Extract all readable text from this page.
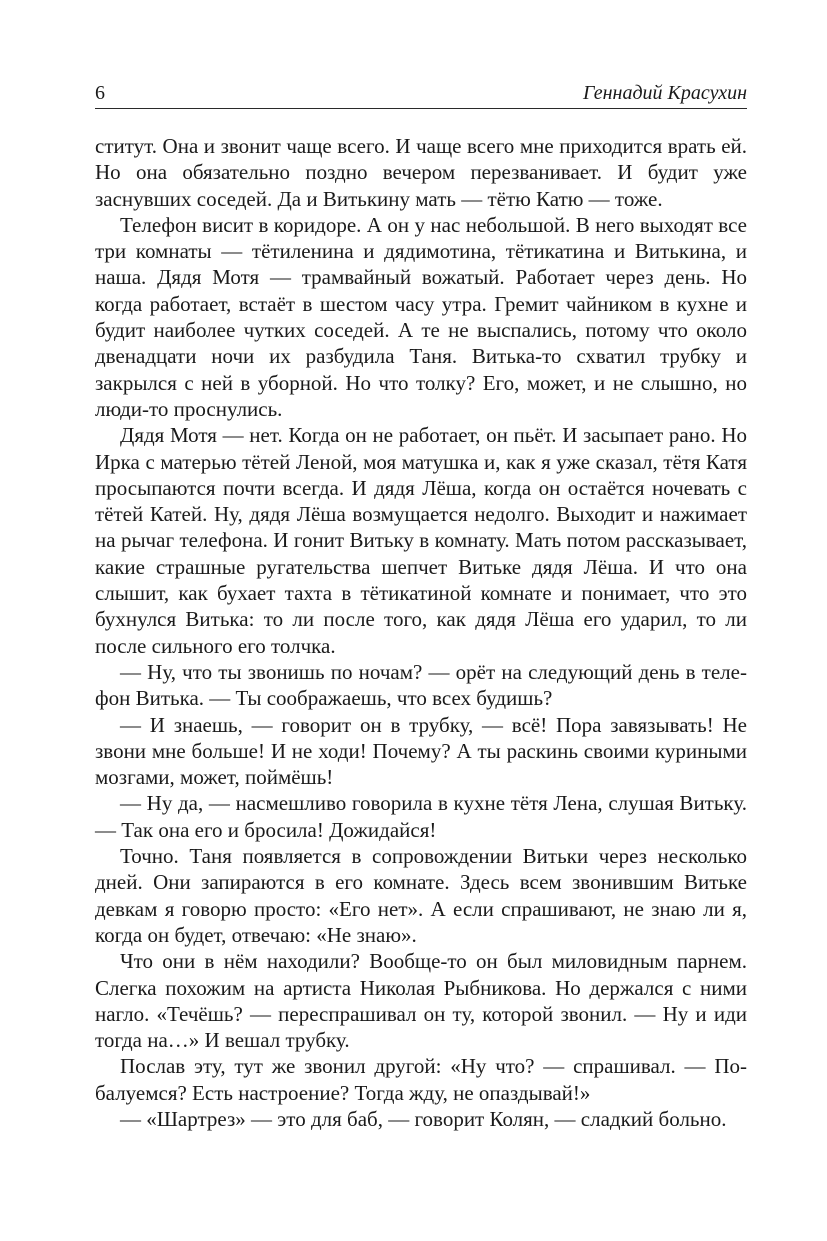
6	Геннадий Красухин

ститут. Она и звонит чаще всего. И чаще всего мне приходится врать ей. Но она обязательно поздно вечером перезванивает. И будит уже заснувших соседей. Да и Витькину мать — тётю Катю — тоже.

Телефон висит в коридоре. А он у нас небольшой. В него выходят все три комнаты — тётиленина и дядимотина, тётикатина и Витькина, и наша. Дядя Мотя — трамвайный вожатый. Работает через день. Но когда работает, встаёт в шестом часу утра. Гремит чайником в кухне и будит наиболее чутких соседей. А те не выспались, потому что около двенадцати ночи их разбудила Таня. Витька-то схватил трубку и закрылся с ней в уборной. Но что толку? Его, может, и не слышно, но люди-то проснулись.

Дядя Мотя — нет. Когда он не работает, он пьёт. И засыпает рано. Но Ирка с матерью тётей Леной, моя матушка и, как я уже сказал, тётя Катя просыпаются почти всегда. И дядя Лёша, когда он остаётся ночевать с тётей Катей. Ну, дядя Лёша возмущается недолго. Выходит и нажимает на рычаг телефона. И гонит Витьку в комнату. Мать потом рассказывает, какие страшные ругательства шепчет Витьке дядя Лёша. И что она слышит, как бухает тахта в тётикатиной комнате и понимает, что это бухнулся Витька: то ли после того, как дядя Лёша его ударил, то ли после сильного его толчка.

— Ну, что ты звонишь по ночам? — орёт на следующий день в телефон Витька. — Ты соображаешь, что всех будишь?

— И знаешь, — говорит он в трубку, — всё! Пора завязывать! Не звони мне больше! И не ходи! Почему? А ты раскинь своими куриными мозгами, может, поймёшь!

— Ну да, — насмешливо говорила в кухне тётя Лена, слушая Витьку. — Так она его и бросила! Дожидайся!

Точно. Таня появляется в сопровождении Витьки через несколько дней. Они запираются в его комнате. Здесь всем звонившим Витьке девкам я говорю просто: «Его нет». А если спрашивают, не знаю ли я, когда он будет, отвечаю: «Не знаю».

Что они в нём находили? Вообще-то он был миловидным парнем. Слегка похожим на артиста Николая Рыбникова. Но держался с ними нагло. «Течёшь? — переспрашивал он ту, которой звонил. — Ну и иди тогда на…» И вешал трубку.

Послав эту, тут же звонил другой: «Ну что? — спрашивал. — Побалуемся? Есть настроение? Тогда жду, не опаздывай!»

— «Шартрез» — это для баб, — говорит Колян, — сладкий больно.
